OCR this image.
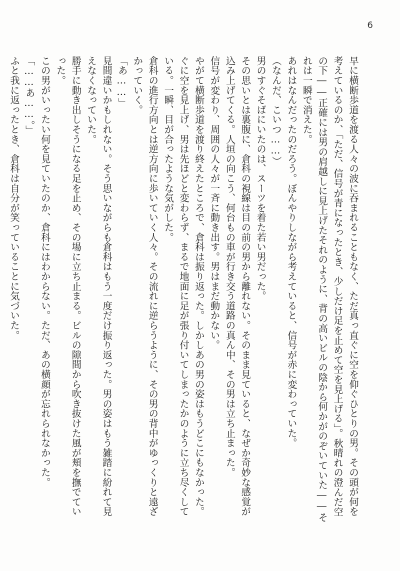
6

早に横断歩道を渡る人々の波に吞まれることもなく、ただ真っ直ぐに空を仰ぐひとりの男。その頭が何を考えているのか、「ただ、信号が青になったとき、少しだけ足を止めて空を見上げる」。秋晴れの澄んだ空の下――正確には男の肩越しに見上げたそれのように、背の高いビルの陰から何かがのぞいていた――それは一瞬で消えた。

あれはなんだったのだろう。ぼんやりしながら考えていると、信号が赤に変わっていた。

（なんだ、こいつ……）

男のすぐそばにいたのは、スーツを着た若い男だった。

その思いとは裏腹に、倉科の視線は目の前の男から離れない。そのまま見ていると、なぜか奇妙な感覚が込み上げてくる。人垣の向こう、何台もの車が行き交う道路の真ん中、その男は立ち止まった。

信号が変わり、周囲の人々が一斉に動き出す。男はまだ動かない。

やがて横断歩道を渡り終えたところで、倉科は振り返った。しかしあの男の姿はもうどこにもなかった。

ぐに空を見上げ、男は先ほどと変わらず、まるで地面に足が張り付いてしまったかのように立ち尽くしている。一瞬、目が合ったような気がした。

倉科の進行方向とは逆方向に歩いていく人々。その流れに逆らうように、その男の背中がゆっくりと遠ざかっていく。

「あ……」

見間違いかもしれない。そう思いながらも倉科はもう一度だけ振り返った。男の姿はもう雑踏に紛れて見えなくなっていた。

勝手に動き出しそうになる足を止め、その場に立ち止まる。ビルの隙間から吹き抜けた風が頬を撫でていった。

この男がいったい何を見ていたのか、倉科にはわからない。ただ、あの横顔が忘れられなかった。

「……あ……。」

ふと我に返ったとき、倉科は自分が笑っていることに気づいた。
